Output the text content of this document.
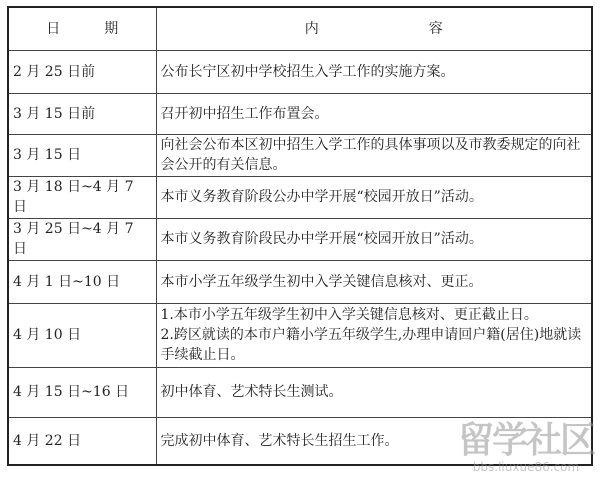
日 期	内 容
2 月 25 日前	公布长宁区初中学校招生入学工作的实施方案。

3 月 15 日前	召开初中招生工作布置会。

3 月 15 日	向社会公布本区初中招生入学工作的具体事项以及市教委规定的向社会公开的有关信息。

3 月 18 日~4 月 7 日	本市义务教育阶段公办中学开展“校园开放日”活动。

3 月 25 日~4 月 7 日	本市义务教育阶段民办中学开展“校园开放日”活动。

4 月 1 日~10 日	本市小学五年级学生初中入学关键信息核对、更正。

4 月 10 日	1.本市小学五年级学生初中入学关键信息核对、更正截止日。
2.跨区就读的本市户籍小学五年级学生,办理申请回户籍(居住)地就读手续截止日。

4 月 15 日~16 日	初中体育、艺术特长生测试。

4 月 22 日	完成初中体育、艺术特长生招生工作。	留学社区
bbs.liuxue86.com
